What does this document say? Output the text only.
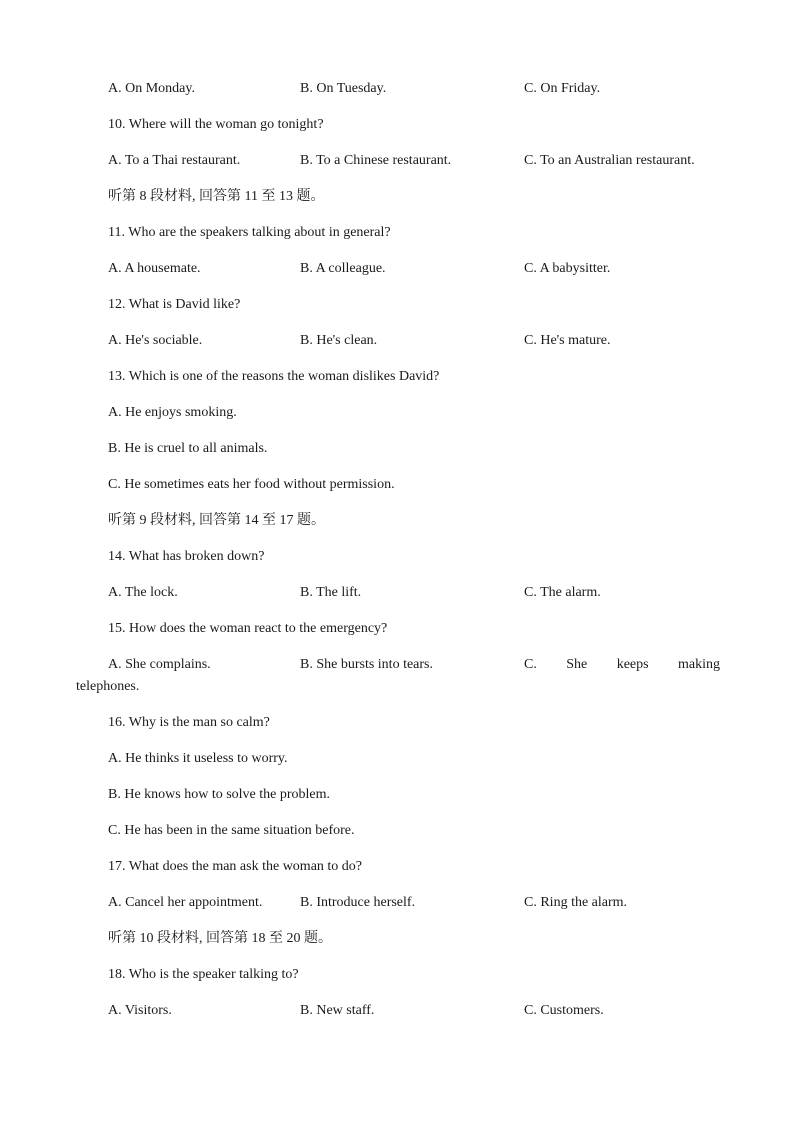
A. On Monday.	B. On Tuesday.	C. On Friday.
10. Where will the woman go tonight?
A. To a Thai restaurant.	B. To a Chinese restaurant.	C. To an Australian restaurant.
听第 8 段材料, 回答第 11 至 13 题。
11. Who are the speakers talking about in general?
A. A housemate.	B. A colleague.	C. A babysitter.
12. What is David like?
A. He's sociable.	B. He's clean.	C. He's mature.
13. Which is one of the reasons the woman dislikes David?
A. He enjoys smoking.
B. He is cruel to all animals.
C. He sometimes eats her food without permission.
听第 9 段材料, 回答第 14 至 17 题。
14. What has broken down?
A. The lock.	B. The lift.	C. The alarm.
15. How does the woman react to the emergency?
A. She complains.	B. She bursts into tears.	C. She keeps making
telephones.
16. Why is the man so calm?
A. He thinks it useless to worry.
B. He knows how to solve the problem.
C. He has been in the same situation before.
17. What does the man ask the woman to do?
A. Cancel her appointment.	B. Introduce herself.	C. Ring the alarm.
听第 10 段材料, 回答第 18 至 20 题。
18. Who is the speaker talking to?
A. Visitors.	B. New staff.	C. Customers.
